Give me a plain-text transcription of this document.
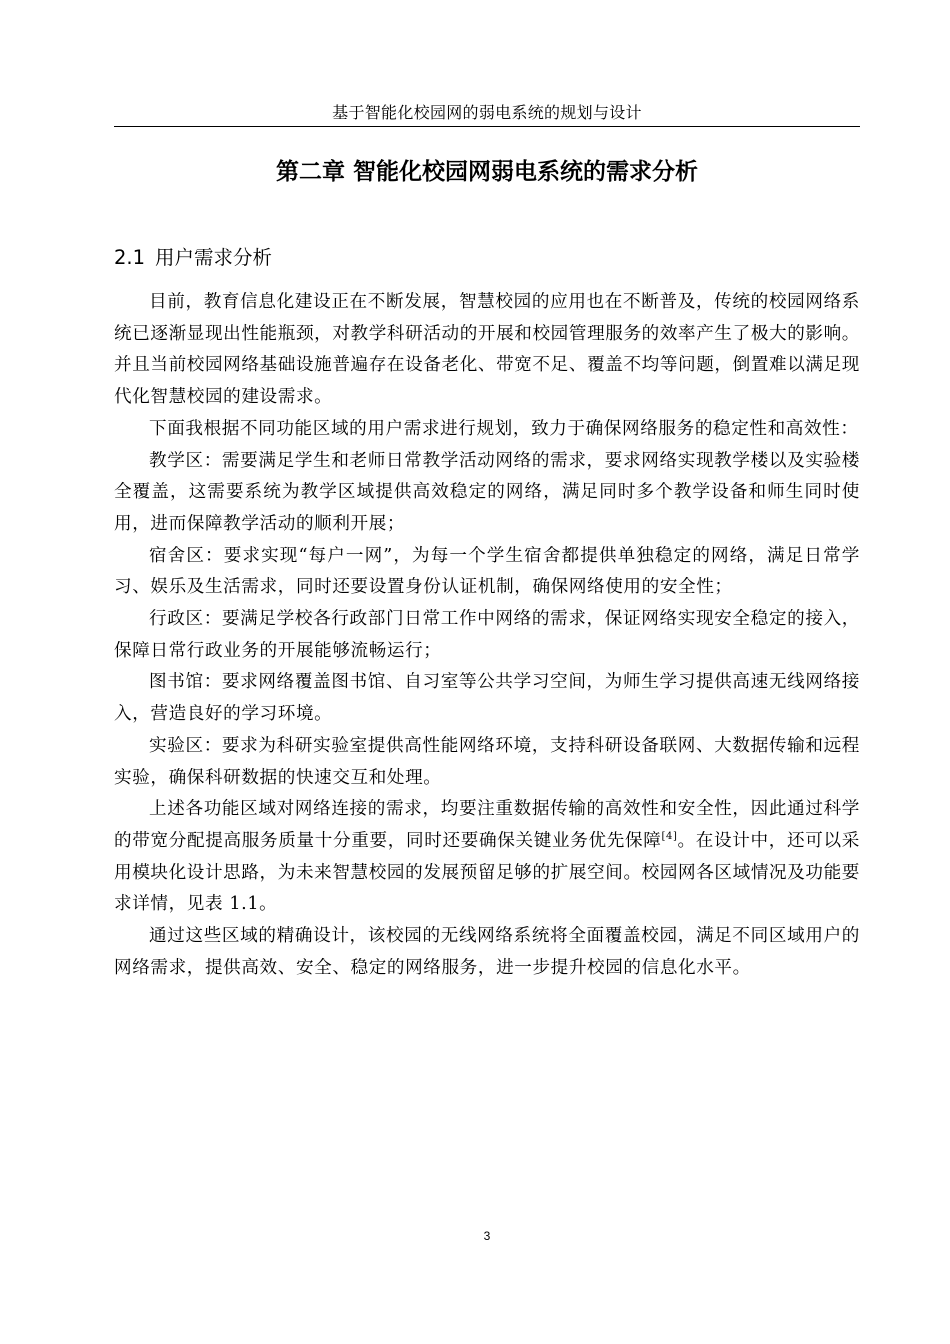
基于智能化校园网的弱电系统的规划与设计
第二章 智能化校园网弱电系统的需求分析
2.1 用户需求分析

目前，教育信息化建设正在不断发展，智慧校园的应用也在不断普及，传统的校园网络系统已逐渐显现出性能瓶颈，对教学科研活动的开展和校园管理服务的效率产生了极大的影响。并且当前校园网络基础设施普遍存在设备老化、带宽不足、覆盖不均等问题，倒置难以满足现代化智慧校园的建设需求。

下面我根据不同功能区域的用户需求进行规划，致力于确保网络服务的稳定性和高效性：

教学区：需要满足学生和老师日常教学活动网络的需求，要求网络实现教学楼以及实验楼全覆盖，这需要系统为教学区域提供高效稳定的网络，满足同时多个教学设备和师生同时使用，进而保障教学活动的顺利开展；

宿舍区：要求实现“每户一网”，为每一个学生宿舍都提供单独稳定的网络，满足日常学习、娱乐及生活需求，同时还要设置身份认证机制，确保网络使用的安全性；

行政区：要满足学校各行政部门日常工作中网络的需求，保证网络实现安全稳定的接入，保障日常行政业务的开展能够流畅运行；

图书馆：要求网络覆盖图书馆、自习室等公共学习空间，为师生学习提供高速无线网络接入，营造良好的学习环境。

实验区：要求为科研实验室提供高性能网络环境，支持科研设备联网、大数据传输和远程实验，确保科研数据的快速交互和处理。

上述各功能区域对网络连接的需求，均要注重数据传输的高效性和安全性，因此通过科学的带宽分配提高服务质量十分重要，同时还要确保关键业务优先保障[4]。在设计中，还可以采用模块化设计思路，为未来智慧校园的发展预留足够的扩展空间。校园网各区域情况及功能要求详情，见表 1.1。

通过这些区域的精确设计，该校园的无线网络系统将全面覆盖校园，满足不同区域用户的网络需求，提供高效、安全、稳定的网络服务，进一步提升校园的信息化水平。

3
